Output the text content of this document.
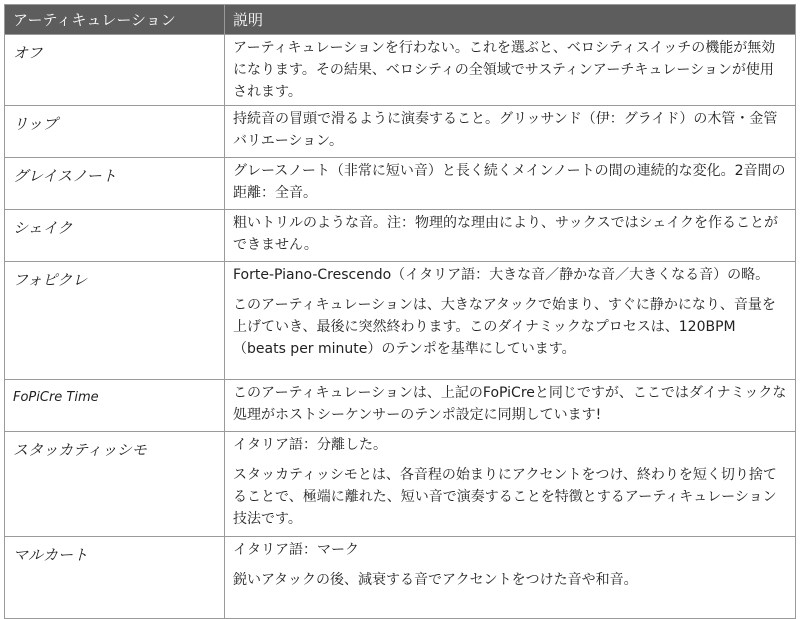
アーティキュレーション	説明
オフ	アーティキュレーションを行わない。これを選ぶと、ベロシティスイッチの機能が無効になります。その結果、ベロシティの全領域でサスティンアーチキュレーションが使用されます。

リップ	持続音の冒頭で滑るように演奏すること。グリッサンド（伊：グライド）の木管・金管バリエーション。

グレイスノート	グレースノート（非常に短い音）と長く続くメインノートの間の連続的な変化。2音間の距離：全音。

シェイク	粗いトリルのような音。注：物理的な理由により、サックスではシェイクを作ることができません。

フォピクレ	Forte-Piano-Crescendo（イタリア語：大きな音／静かな音／大きくなる音）の略。

このアーティキュレーションは、大きなアタックで始まり、すぐに静かになり、音量を上げていき、最後に突然終わります。このダイナミックなプロセスは、120BPM（beats per minute）のテンポを基準にしています。

FoPiCre Time	このアーティキュレーションは、上記のFoPiCreと同じですが、ここではダイナミックな処理がホストシーケンサーのテンポ設定に同期しています!

スタッカティッシモ	イタリア語：分離した。

スタッカティッシモとは、各音程の始まりにアクセントをつけ、終わりを短く切り捨てることで、極端に離れた、短い音で演奏することを特徴とするアーティキュレーション技法です。

マルカート	イタリア語：マーク

鋭いアタックの後、減衰する音でアクセントをつけた音や和音。
